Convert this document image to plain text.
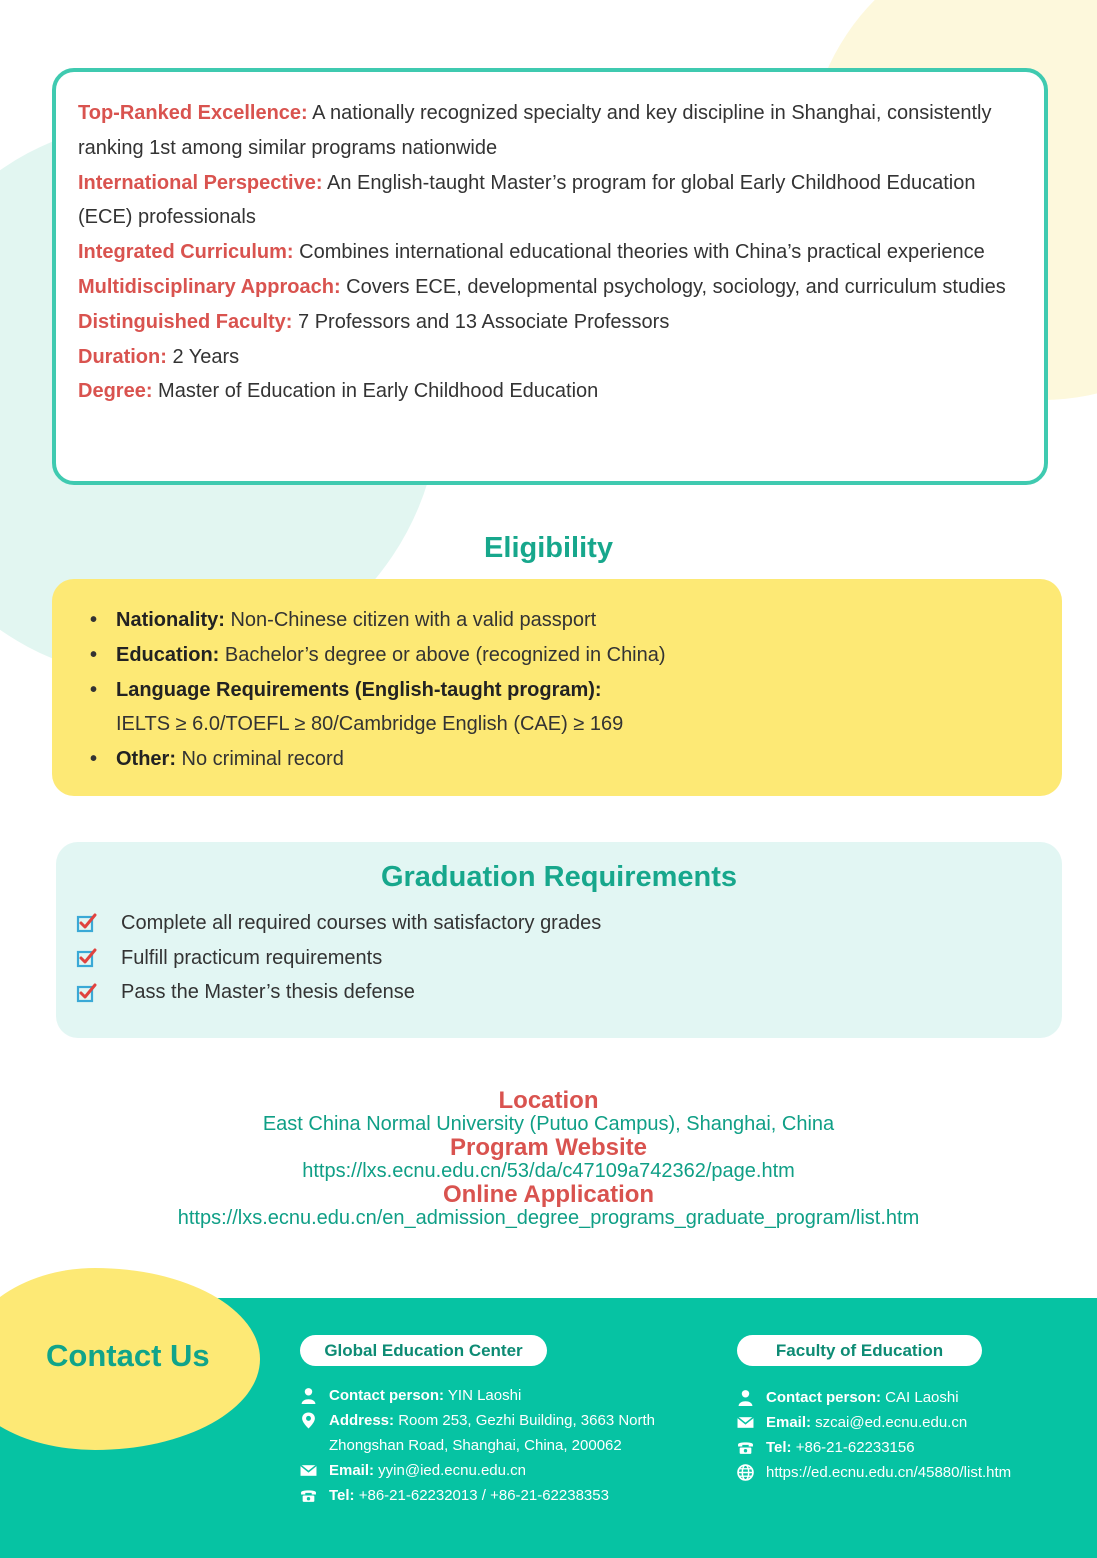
Top-Ranked Excellence: A nationally recognized specialty and key discipline in Shanghai, consistently ranking 1st among similar programs nationwide
International Perspective: An English-taught Master’s program for global Early Childhood Education (ECE) professionals
Integrated Curriculum: Combines international educational theories with China’s practical experience
Multidisciplinary Approach: Covers ECE, developmental psychology, sociology, and curriculum studies
Distinguished Faculty: 7 Professors and 13 Associate Professors
Duration: 2 Years
Degree: Master of Education in Early Childhood Education
Eligibility
• Nationality: Non-Chinese citizen with a valid passport
• Education: Bachelor’s degree or above (recognized in China)
• Language Requirements (English-taught program):
IELTS ≥ 6.0/TOEFL ≥ 80/Cambridge English (CAE) ≥ 169
• Other: No criminal record
Graduation Requirements
Complete all required courses with satisfactory grades
Fulfill practicum requirements
Pass the Master’s thesis defense
Location
East China Normal University (Putuo Campus), Shanghai, China
Program Website
https://lxs.ecnu.edu.cn/53/da/c47109a742362/page.htm
Online Application
https://lxs.ecnu.edu.cn/en_admission_degree_programs_graduate_program/list.htm
Contact Us	Global Education Center	Faculty of Education
Contact person: YIN Laoshi
Address: Room 253, Gezhi Building, 3663 North
Zhongshan Road, Shanghai, China, 200062
Email: yyin@ied.ecnu.edu.cn
Tel: +86-21-62232013 / +86-21-62238353
Contact person: CAI Laoshi
Email: szcai@ed.ecnu.edu.cn
Tel: +86-21-62233156
https://ed.ecnu.edu.cn/45880/list.htm
